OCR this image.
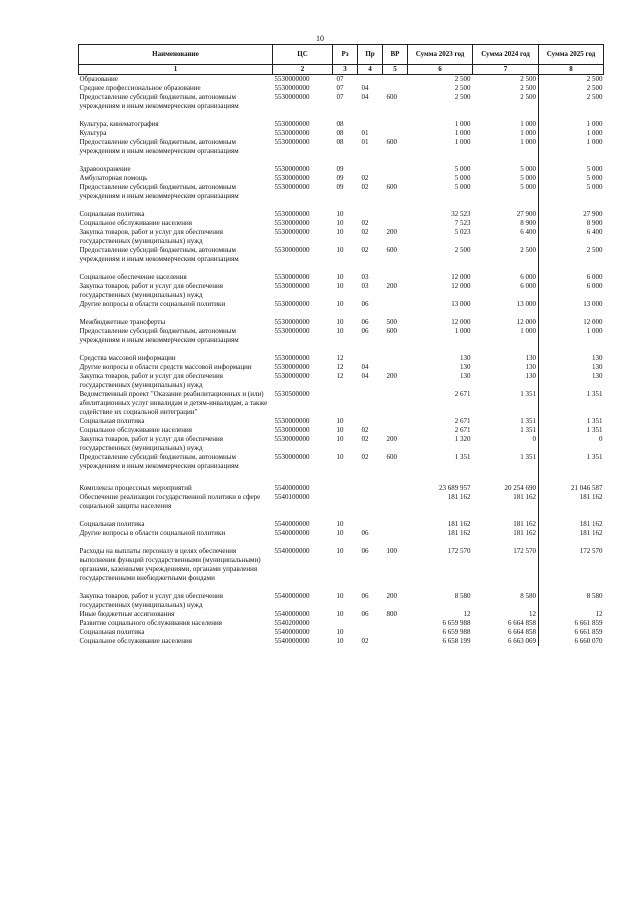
10
Наименование	ЦС	Рз	Пр	ВР	Сумма 2023 год	Сумма 2024 год	Сумма 2025 год
1	2	3	4	5	6	7	8
Образование	5530000000	07			2 500	2 500	2 500
Среднее профессиональное образование	5530000000	07	04		2 500	2 500	2 500
Предоставление субсидий бюджетным, автономным учреждениям и иным некоммерческим организациям	5530000000	07	04	600	2 500	2 500	2 500

Культура, кинематография	5530000000	08			1 000	1 000	1 000
Культура	5530000000	08	01		1 000	1 000	1 000
Предоставление субсидий бюджетным, автономным учреждениям и иным некоммерческим организациям	5530000000	08	01	600	1 000	1 000	1 000

Здравоохранение	5530000000	09			5 000	5 000	5 000
Амбулаторная помощь	5530000000	09	02		5 000	5 000	5 000
Предоставление субсидий бюджетным, автономным учреждениям и иным некоммерческим организациям	5530000000	09	02	600	5 000	5 000	5 000

Социальная политика	5530000000	10			32 523	27 900	27 900
Социальное обслуживание населения	5530000000	10	02		7 523	8 900	8 900
Закупка товаров, работ и услуг для обеспечения государственных (муниципальных) нужд	5530000000	10	02	200	5 023	6 400	6 400
Предоставление субсидий бюджетным, автономным учреждениям и иным некоммерческим организациям	5530000000	10	02	600	2 500	2 500	2 500

Социальное обеспечение населения	5530000000	10	03		12 000	6 000	6 000
Закупка товаров, работ и услуг для обеспечения государственных (муниципальных) нужд	5530000000	10	03	200	12 000	6 000	6 000
Другие вопросы в области социальной политики	5530000000	10	06		13 000	13 000	13 000

Межбюджетные трансферты	5530000000	10	06	500	12 000	12 000	12 000
Предоставление субсидий бюджетным, автономным учреждениям и иным некоммерческим организациям	5530000000	10	06	600	1 000	1 000	1 000

Средства массовой информации	5530000000	12			130	130	130
Другие вопросы в области средств массовой информации	5530000000	12	04		130	130	130
Закупка товаров, работ и услуг для обеспечения государственных (муниципальных) нужд	5530000000	12	04	200	130	130	130
Ведомственный проект "Оказание реабилитационных и (или) абилитационных услуг инвалидам и детям-инвалидам, а также содействие их социальной интеграции"	5530500000				2 671	1 351	1 351
Социальная политика	5530000000	10			2 671	1 351	1 351
Социальное обслуживание населения	5530000000	10	02		2 671	1 351	1 351
Закупка товаров, работ и услуг для обеспечения государственных (муниципальных) нужд	5530000000	10	02	200	1 320	0	0
Предоставление субсидий бюджетным, автономным учреждениям и иным некоммерческим организациям	5530000000	10	02	600	1 351	1 351	1 351

Комплексы процессных мероприятий	5540000000				23 689 957	20 254 690	21 046 587
Обеспечение реализации государственной политики в сфере социальной защиты населения	5540100000				181 162	181 162	181 162

Социальная политика	5540000000	10			181 162	181 162	181 162
Другие вопросы в области социальной политики	5540000000	10	06		181 162	181 162	181 162

Расходы на выплаты персоналу в целях обеспечения выполнения функций государственными (муниципальными) органами, казенными учреждениями, органами управления государственными внебюджетными фондами	5540000000	10	06	100	172 570	172 570	172 570

Закупка товаров, работ и услуг для обеспечения государственных (муниципальных) нужд	5540000000	10	06	200	8 580	8 580	8 580
Иные бюджетные ассигнования	5540000000	10	06	800	12	12	12
Развитие социального обслуживания населения	5540200000				6 659 988	6 664 858	6 661 859
Социальная политика	5540000000	10			6 659 988	6 664 858	6 661 859
Социальное обслуживание населения	5540000000	10	02		6 658 199	6 663 069	6 660 070
